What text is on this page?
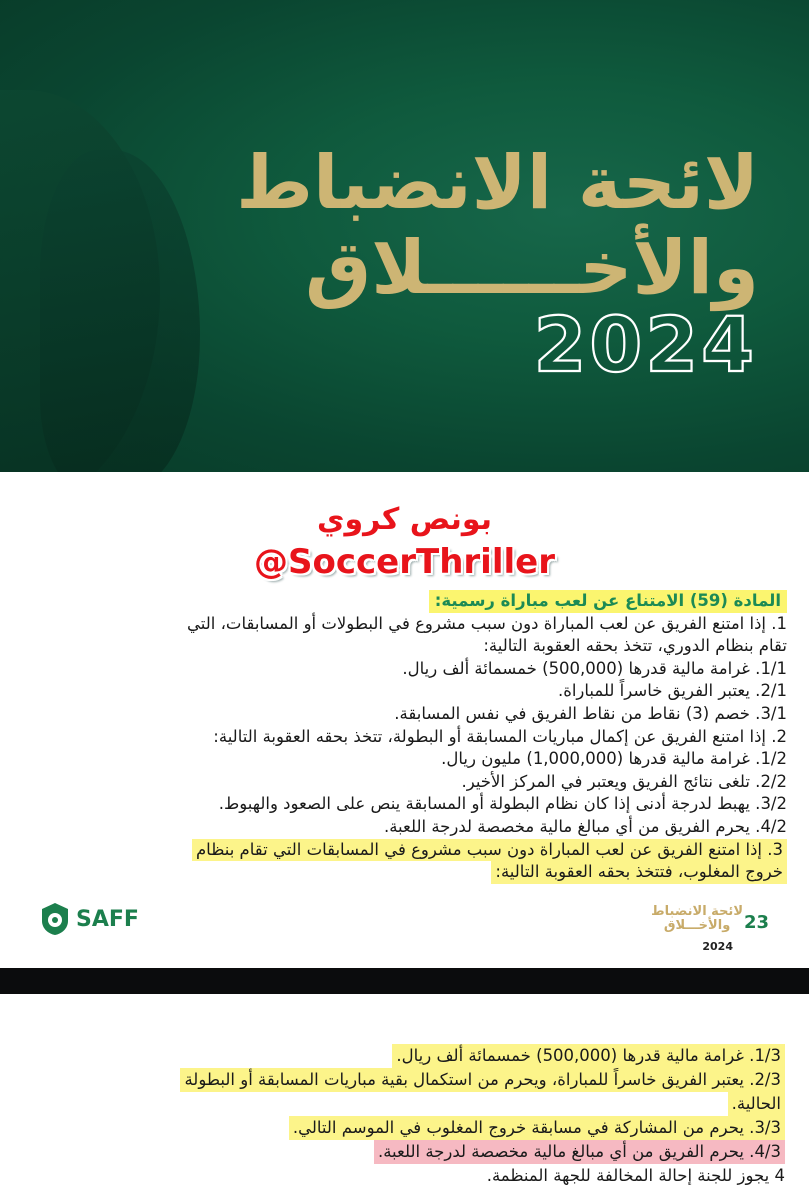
لائحة الانضباط
والأخــــــلاق
2024
بونص كروي
@SoccerThriller
المادة (59) الامتناع عن لعب مباراة رسمية:
1. إذا امتنع الفريق عن لعب المباراة دون سبب مشروع في البطولات أو المسابقات، التي
تقام بنظام الدوري، تتخذ بحقه العقوبة التالية:
1/1. غرامة مالية قدرها (500,000) خمسمائة ألف ريال.
2/1. يعتبر الفريق خاسراً للمباراة.
3/1. خصم (3) نقاط من نقاط الفريق في نفس المسابقة.
2. إذا امتنع الفريق عن إكمال مباريات المسابقة أو البطولة، تتخذ بحقه العقوبة التالية:
1/2. غرامة مالية قدرها (1,000,000) مليون ريال.
2/2. تلغى نتائج الفريق ويعتبر في المركز الأخير.
3/2. يهبط لدرجة أدنى إذا كان نظام البطولة أو المسابقة ينص على الصعود والهبوط.
4/2. يحرم الفريق من أي مبالغ مالية مخصصة لدرجة اللعبة.
3. إذا امتنع الفريق عن لعب المباراة دون سبب مشروع في المسابقات التي تقام بنظام
خروج المغلوب، فتتخذ بحقه العقوبة التالية:
SAFF	23
لائحة الانضباط
والأخـــلاق
2024
1/3. غرامة مالية قدرها (500,000) خمسمائة ألف ريال.
2/3. يعتبر الفريق خاسراً للمباراة، ويحرم من استكمال بقية مباريات المسابقة أو البطولة
الحالية.
3/3. يحرم من المشاركة في مسابقة خروج المغلوب في الموسم التالي.
4/3. يحرم الفريق من أي مبالغ مالية مخصصة لدرجة اللعبة.
4 يجوز للجنة إحالة المخالفة للجهة المنظمة.
